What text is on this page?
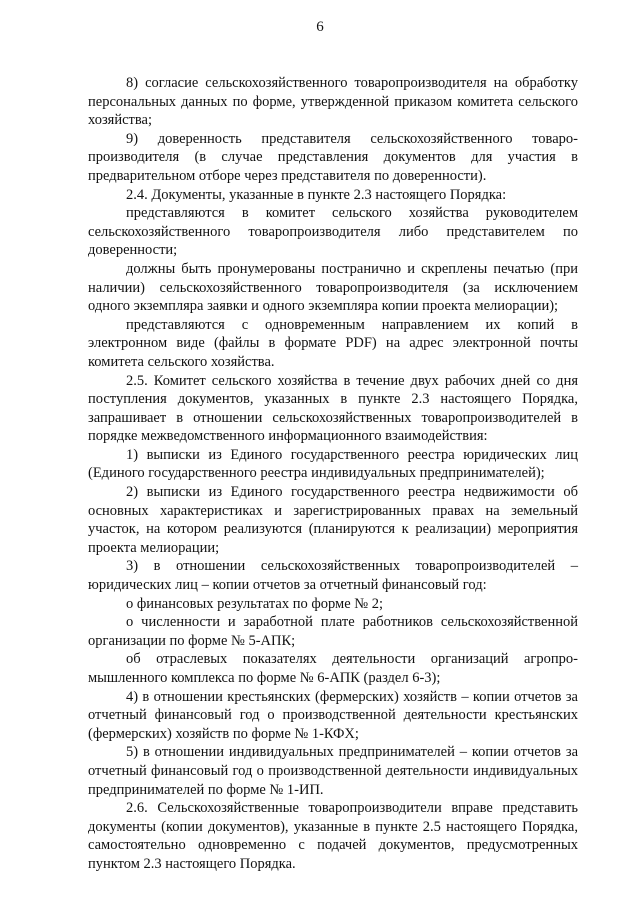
6

8) согласие сельскохозяйственного товаропроизводителя на обработку персональных данных по форме, утвержденной приказом комитета сельского хозяйства;

9) доверенность представителя сельскохозяйственного товаропроизводителя (в случае представления документов для участия в предварительном отборе через представителя по доверенности).

2.4. Документы, указанные в пункте 2.3 настоящего Порядка:

представляются в комитет сельского хозяйства руководителем сельскохозяйственного товаропроизводителя либо представителем по доверенности;

должны быть пронумерованы постранично и скреплены печатью (при наличии) сельскохозяйственного товаропроизводителя (за исключением одного экземпляра заявки и одного экземпляра копии проекта мелиорации);

представляются с одновременным направлением их копий в электронном виде (файлы в формате PDF) на адрес электронной почты комитета сельского хозяйства.

2.5. Комитет сельского хозяйства в течение двух рабочих дней со дня поступления документов, указанных в пункте 2.3 настоящего Порядка, запрашивает в отношении сельскохозяйственных товаропроизводителей в порядке межведомственного информационного взаимодействия:

1) выписки из Единого государственного реестра юридических лиц (Единого государственного реестра индивидуальных предпринимателей);

2) выписки из Единого государственного реестра недвижимости об основных характеристиках и зарегистрированных правах на земельный участок, на котором реализуются (планируются к реализации) мероприятия проекта мелиорации;

3) в отношении сельскохозяйственных товаропроизводителей – юридических лиц – копии отчетов за отчетный финансовый год:

о финансовых результатах по форме № 2;

о численности и заработной плате работников сельскохозяйственной организации по форме № 5-АПК;

об отраслевых показателях деятельности организаций агропромышленного комплекса по форме № 6-АПК (раздел 6-3);

4) в отношении крестьянских (фермерских) хозяйств – копии отчетов за отчетный финансовый год о производственной деятельности крестьянских (фермерских) хозяйств по форме № 1-КФХ;

5) в отношении индивидуальных предпринимателей – копии отчетов за отчетный финансовый год о производственной деятельности индивидуальных предпринимателей по форме № 1-ИП.

2.6. Сельскохозяйственные товаропроизводители вправе представить документы (копии документов), указанные в пункте 2.5 настоящего Порядка, самостоятельно одновременно с подачей документов, предусмотренных пунктом 2.3 настоящего Порядка.
